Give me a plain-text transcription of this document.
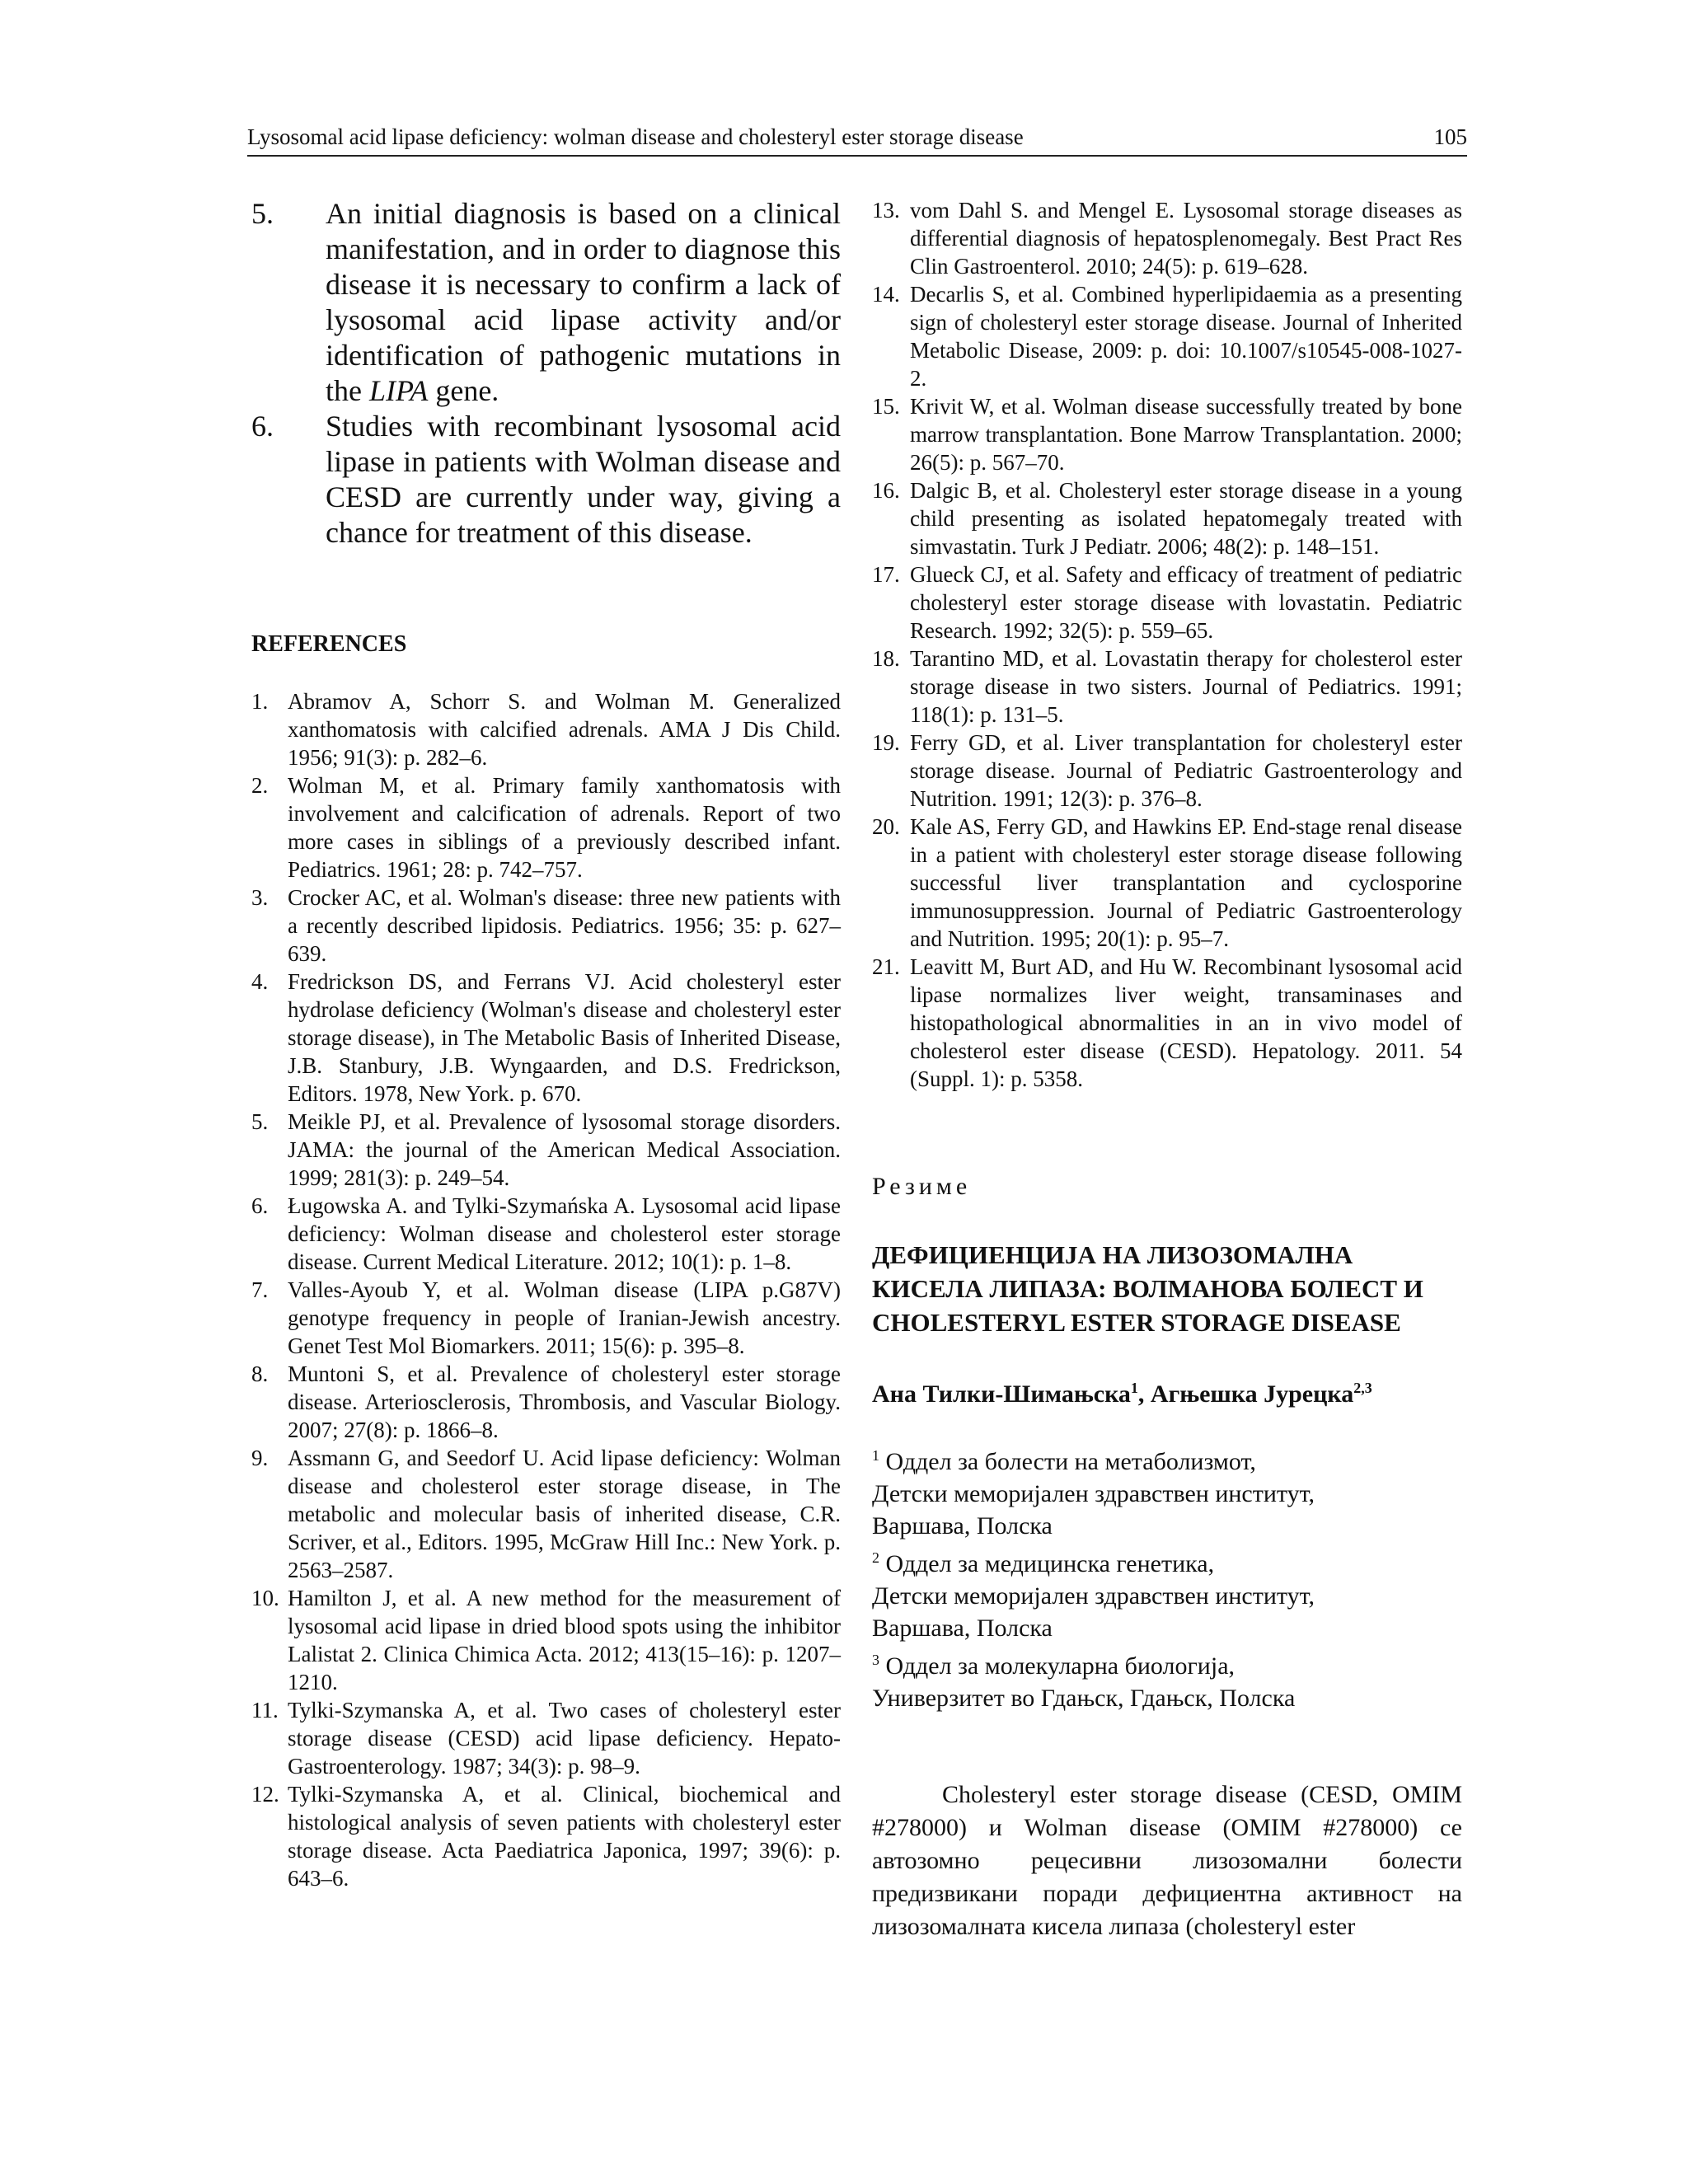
Lysosomal acid lipase deficiency: wolman disease and cholesteryl ester storage disease	105
5.	An initial diagnosis is based on a clinical manifestation, and in order to diagnose this disease it is necessary to confirm a lack of lysosomal acid lipase activity and/or identification of pathogenic mutations in the LIPA gene.
6.	Studies with recombinant lysosomal acid lipase in patients with Wolman disease and CESD are currently under way, giving a chance for treatment of this disease.
REFERENCES
1. Abramov A, Schorr S. and Wolman M. Generalized xanthomatosis with calcified adrenals. AMA J Dis Child. 1956; 91(3): p. 282–6.
2. Wolman M, et al. Primary family xanthomatosis with involvement and calcification of adrenals. Report of two more cases in siblings of a previously described infant. Pediatrics. 1961; 28: p. 742–757.
3. Crocker AC, et al. Wolman's disease: three new patients with a recently described lipidosis. Pediatrics. 1956; 35: p. 627–639.
4. Fredrickson DS, and Ferrans VJ. Acid cholesteryl ester hydrolase deficiency (Wolman's disease and cholesteryl ester storage disease), in The Metabolic Basis of Inherited Disease, J.B. Stanbury, J.B. Wyngaarden, and D.S. Fredrickson, Editors. 1978, New York. p. 670.
5. Meikle PJ, et al. Prevalence of lysosomal storage disorders. JAMA: the journal of the American Medical Association. 1999; 281(3): p. 249–54.
6. Ługowska A. and Tylki-Szymańska A. Lysosomal acid lipase deficiency: Wolman disease and cholesterol ester storage disease. Current Medical Literature. 2012; 10(1): p. 1–8.
7. Valles-Ayoub Y, et al. Wolman disease (LIPA p.G87V) genotype frequency in people of Iranian-Jewish ancestry. Genet Test Mol Biomarkers. 2011; 15(6): p. 395–8.
8. Muntoni S, et al. Prevalence of cholesteryl ester storage disease. Arteriosclerosis, Thrombosis, and Vascular Biology. 2007; 27(8): p. 1866–8.
9. Assmann G, and Seedorf U. Acid lipase deficiency: Wolman disease and cholesterol ester storage disease, in The metabolic and molecular basis of inherited disease, C.R. Scriver, et al., Editors. 1995, McGraw Hill Inc.: New York. p. 2563–2587.
10. Hamilton J, et al. A new method for the measurement of lysosomal acid lipase in dried blood spots using the inhibitor Lalistat 2. Clinica Chimica Acta. 2012; 413(15–16): p. 1207–1210.
11. Tylki-Szymanska A, et al. Two cases of cholesteryl ester storage disease (CESD) acid lipase deficiency. Hepato-Gastroenterology. 1987; 34(3): p. 98–9.
12. Tylki-Szymanska A, et al. Clinical, biochemical and histological analysis of seven patients with cholesteryl ester storage disease. Acta Paediatrica Japonica, 1997; 39(6): p. 643–6.
13. vom Dahl S. and Mengel E. Lysosomal storage diseases as differential diagnosis of hepatosplenomegaly. Best Pract Res Clin Gastroenterol. 2010; 24(5): p. 619–628.
14. Decarlis S, et al. Combined hyperlipidaemia as a presenting sign of cholesteryl ester storage disease. Journal of Inherited Metabolic Disease, 2009: p. doi: 10.1007/s10545-008-1027-2.
15. Krivit W, et al. Wolman disease successfully treated by bone marrow transplantation. Bone Marrow Transplantation. 2000; 26(5): p. 567–70.
16. Dalgic B, et al. Cholesteryl ester storage disease in a young child presenting as isolated hepatomegaly treated with simvastatin. Turk J Pediatr. 2006; 48(2): p. 148–151.
17. Glueck CJ, et al. Safety and efficacy of treatment of pediatric cholesteryl ester storage disease with lovastatin. Pediatric Research. 1992; 32(5): p. 559–65.
18. Tarantino MD, et al. Lovastatin therapy for cholesterol ester storage disease in two sisters. Journal of Pediatrics. 1991; 118(1): p. 131–5.
19. Ferry GD, et al. Liver transplantation for cholesteryl ester storage disease. Journal of Pediatric Gastroenterology and Nutrition. 1991; 12(3): p. 376–8.
20. Kale AS, Ferry GD, and Hawkins EP. End-stage renal disease in a patient with cholesteryl ester storage disease following successful liver transplantation and cyclosporine immunosuppression. Journal of Pediatric Gastroenterology and Nutrition. 1995; 20(1): p. 95–7.
21. Leavitt M, Burt AD, and Hu W. Recombinant lysosomal acid lipase normalizes liver weight, transaminases and histopathological abnormalities in an in vivo model of cholesterol ester disease (CESD). Hepatology. 2011. 54 (Suppl. 1): p. 5358.
Резиме
ДЕФИЦИЕНЦИЈА НА ЛИЗОЗОМАЛНА КИСЕЛА ЛИПАЗА: ВОЛМАНОВА БОЛЕСТ И CHOLESTERYL ESTER STORAGE DISEASE
Ана Тилки-Шимањска$^1$, Агњешка Јурецка$^{2,3}$
$^1$ Оддел за болести на метаболизмот,
Детски меморијален здравствен институт,
Варшава, Полска
$^2$ Оддел за медицинска генетика,
Детски меморијален здравствен институт,
Варшава, Полска
$^3$ Оддел за молекуларна биологија,
Универзитет во Гдањск, Гдањск, Полска
Cholesteryl ester storage disease (CESD, OMIM #278000) и Wolman disease (OMIM #278000) се автозомно рецесивни лизозомални болести предизвикани поради дефициентна активност на лизозомалната кисела липаза (cholesteryl ester
